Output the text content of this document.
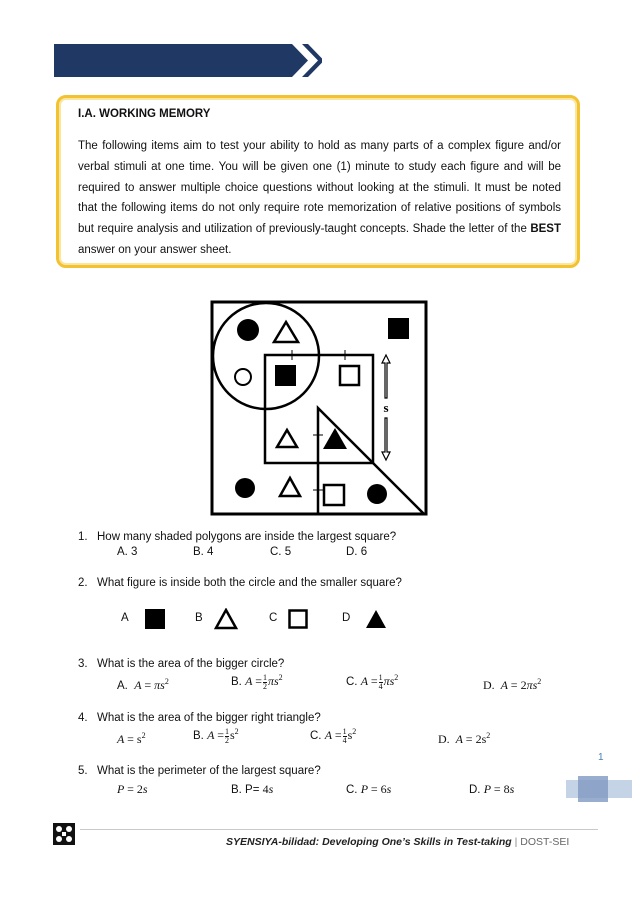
PART I: Intellective Speed Test
I.A. WORKING MEMORY
The following items aim to test your ability to hold as many parts of a complex figure and/or verbal stimuli at one time. You will be given one (1) minute to study each figure and will be required to answer multiple choice questions without looking at the stimuli. It must be noted that the following items do not only require rote memorization of relative positions of symbols but require analysis and utilization of previously-taught concepts. Shade the letter of the BEST answer on your answer sheet.
s
1. How many shaded polygons are inside the largest square?
A. 3	B. 4	C. 5	D. 6
2. What figure is inside both the circle and the smaller square?
A	B	C	D
3. What is the area of the bigger circle?
A. $A = \pi s^2$	B. $A = \frac{1}{2} \pi s^2$	C. $A = \frac{1}{4} \pi s^2$
D.  $A = 2\pi s^2$
4. What is the area of the bigger right triangle?
$A = s^2$	B. $A = \frac{1}{2} s^2$	C. $A = \frac{1}{4} s^2$
D.  $A = 2s^2$
5. What is the perimeter of the largest square?
P = 2s	B. P= 4s	C. P = 6s	D. P = 8s
1
SYENSIYA-bilidad: Developing One’s Skills in Test-taking | DOST-SEI
